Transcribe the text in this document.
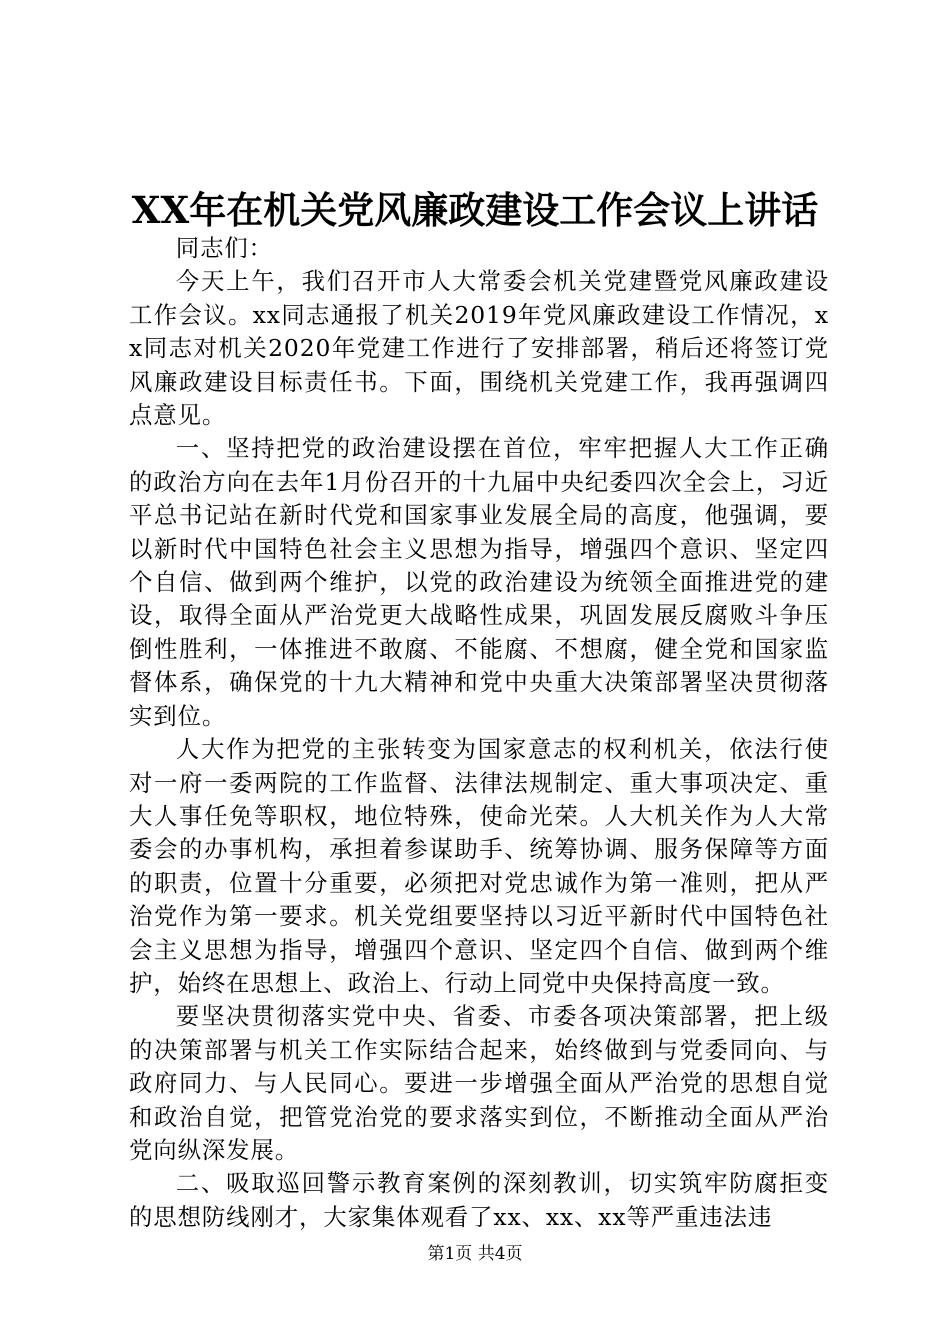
XX年在机关党风廉政建设工作会议上讲话

同志们：

今天上午，我们召开市人大常委会机关党建暨党风廉政建设工作会议。xx同志通报了机关2019年党风廉政建设工作情况，xx同志对机关2020年党建工作进行了安排部署，稍后还将签订党风廉政建设目标责任书。下面，围绕机关党建工作，我再强调四点意见。

一、坚持把党的政治建设摆在首位，牢牢把握人大工作正确的政治方向在去年1月份召开的十九届中央纪委四次全会上，习近平总书记站在新时代党和国家事业发展全局的高度，他强调，要以新时代中国特色社会主义思想为指导，增强四个意识、坚定四个自信、做到两个维护，以党的政治建设为统领全面推进党的建设，取得全面从严治党更大战略性成果，巩固发展反腐败斗争压倒性胜利，一体推进不敢腐、不能腐、不想腐，健全党和国家监督体系，确保党的十九大精神和党中央重大决策部署坚决贯彻落实到位。

人大作为把党的主张转变为国家意志的权利机关，依法行使对一府一委两院的工作监督、法律法规制定、重大事项决定、重大人事任免等职权，地位特殊，使命光荣。人大机关作为人大常委会的办事机构，承担着参谋助手、统筹协调、服务保障等方面的职责，位置十分重要，必须把对党忠诚作为第一准则，把从严治党作为第一要求。机关党组要坚持以习近平新时代中国特色社会主义思想为指导，增强四个意识、坚定四个自信、做到两个维护，始终在思想上、政治上、行动上同党中央保持高度一致。

要坚决贯彻落实党中央、省委、市委各项决策部署，把上级的决策部署与机关工作实际结合起来，始终做到与党委同向、与政府同力、与人民同心。要进一步增强全面从严治党的思想自觉和政治自觉，把管党治党的要求落实到位，不断推动全面从严治党向纵深发展。

二、吸取巡回警示教育案例的深刻教训，切实筑牢防腐拒变的思想防线刚才，大家集体观看了xx、xx、xx等严重违法违

第1页 共4页
